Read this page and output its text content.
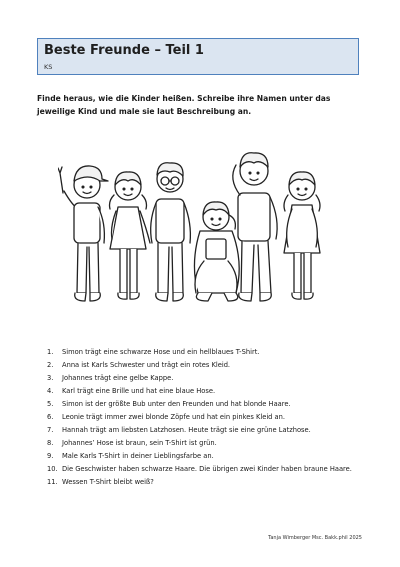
Beste Freunde – Teil 1
KS
Finde heraus, wie die Kinder heißen. Schreibe ihre Namen unter das jeweilige Kind und male sie laut Beschreibung an.
1.	Simon trägt eine schwarze Hose und ein hellblaues T-Shirt.
2.	Anna ist Karls Schwester und trägt ein rotes Kleid.
3.	Johannes trägt eine gelbe Kappe.
4.	Karl trägt eine Brille und hat eine blaue Hose.
5.	Simon ist der größte Bub unter den Freunden und hat blonde Haare.
6.	Leonie trägt immer zwei blonde Zöpfe und hat ein pinkes Kleid an.
7.	Hannah trägt am liebsten Latzhosen. Heute trägt sie eine grüne Latzhose.
8.	Johannes’ Hose ist braun, sein T-Shirt ist grün.
9.	Male Karls T-Shirt in deiner Lieblingsfarbe an.
10. Die Geschwister haben schwarze Haare. Die übrigen zwei Kinder haben braune Haare.
11. Wessen T-Shirt bleibt weiß?
Tanja Wimberger Msc. Bakk.phil 2025
